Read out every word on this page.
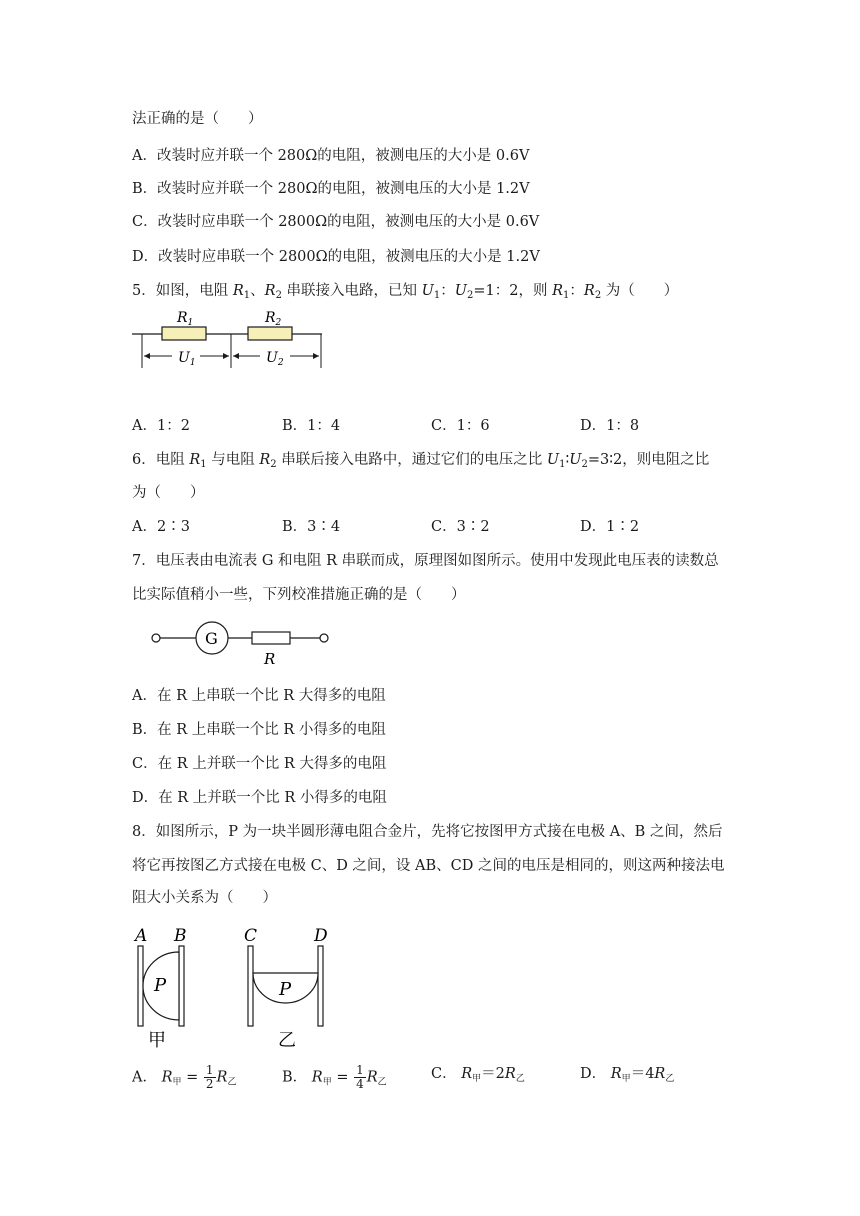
法正确的是（　　）
A．改装时应并联一个 280Ω的电阻，被测电压的大小是 0.6V
B．改装时应并联一个 280Ω的电阻，被测电压的大小是 1.2V
C．改装时应串联一个 2800Ω的电阻，被测电压的大小是 0.6V
D．改装时应串联一个 2800Ω的电阻，被测电压的大小是 1.2V
5．如图，电阻 $R_1$、$R_2$ 串联接入电路，已知 $U_1$：$U_2=1$：2，则 $R_1$：$R_2$ 为（　　）
$R_1$	$R_2$
$U_1$	$U_2$
A．1：2	B．1：4	C．1：6	D．1：8
6．电阻 $R_1$ 与电阻 $R_2$ 串联后接入电路中，通过它们的电压之比 $U_1∶U_2=3∶2$，则电阻之比
为（　　）
A．2∶3	B．3∶4	C．3∶2	D．1∶2
7．电压表由电流表 G 和电阻 R 串联而成，原理图如图所示。使用中发现此电压表的读数总
比实际值稍小一些，下列校准措施正确的是（　　）
G
R
A．在 R 上串联一个比 R 大得多的电阻
B．在 R 上串联一个比 R 小得多的电阻
C．在 R 上并联一个比 R 大得多的电阻
D．在 R 上并联一个比 R 小得多的电阻
8．如图所示，P 为一块半圆形薄电阻合金片，先将它按图甲方式接在电极 A、B 之间，然后
将它再按图乙方式接在电极 C、D 之间，设 AB、CD 之间的电压是相同的，则这两种接法电
阻大小关系为（　　）
A B
P
甲
C	D
P
乙
A． $R_甲 = \frac{1}{2} R_乙$	B． $R_甲 = \frac{1}{4} R_乙$
C． $R_甲=2R_乙$	D． $R_甲=4R_乙$
